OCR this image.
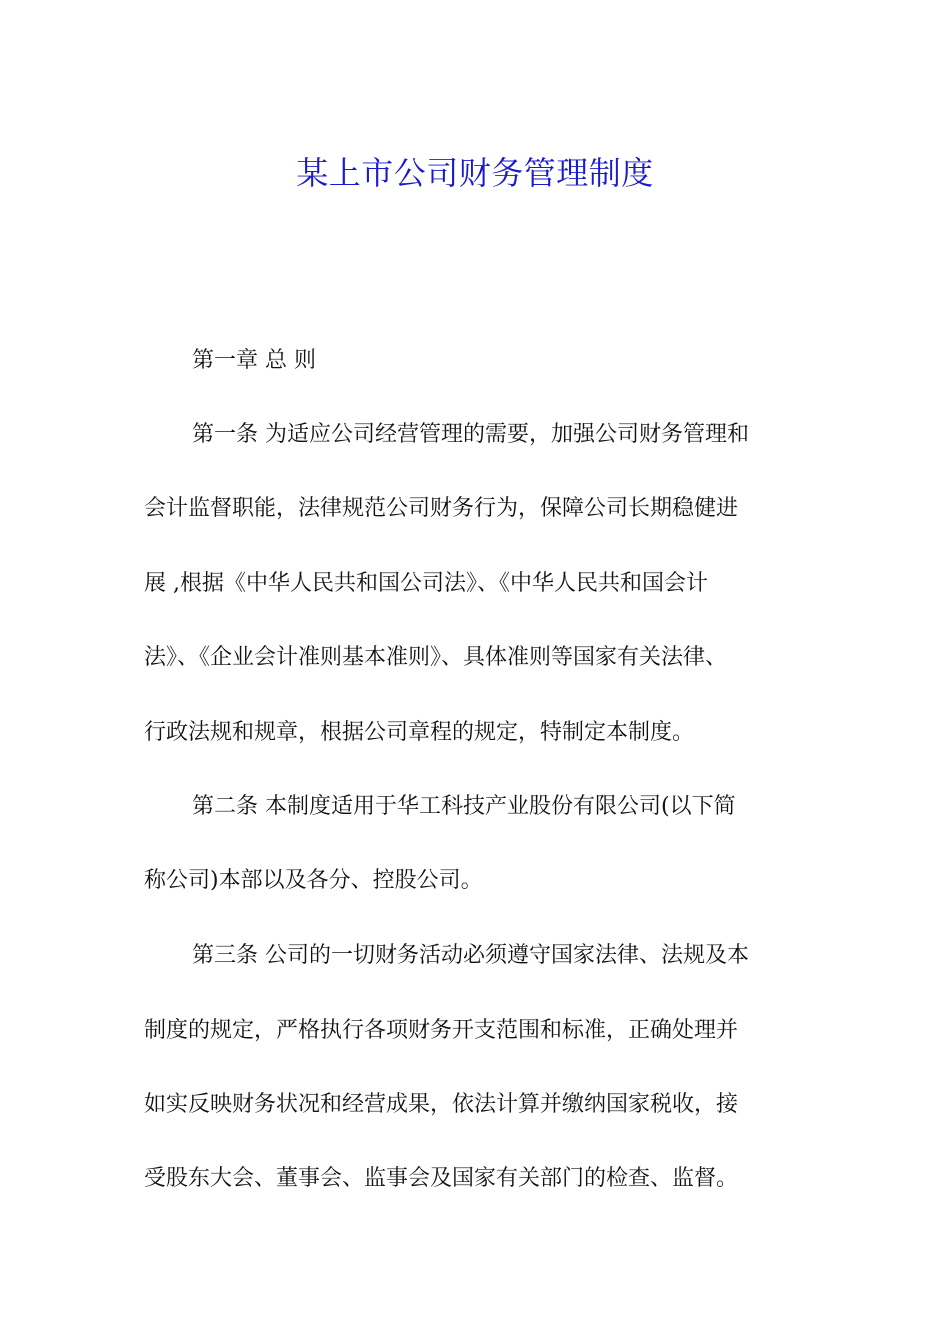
某上市公司财务管理制度
第一章 总 则
第一条 为适应公司经营管理的需要，加强公司财务管理和
会计监督职能，法律规范公司财务行为，保障公司长期稳健进
展 ,根据《中华人民共和国公司法》、《中华人民共和国会计
法》、《企业会计准则基本准则》、具体准则等国家有关法律、
行政法规和规章，根据公司章程的规定，特制定本制度。
第二条 本制度适用于华工科技产业股份有限公司(以下简
称公司)本部以及各分、控股公司。
第三条 公司的一切财务活动必须遵守国家法律、法规及本
制度的规定，严格执行各项财务开支范围和标准，正确处理并
如实反映财务状况和经营成果，依法计算并缴纳国家税收，接
受股东大会、董事会、监事会及国家有关部门的检查、监督。
